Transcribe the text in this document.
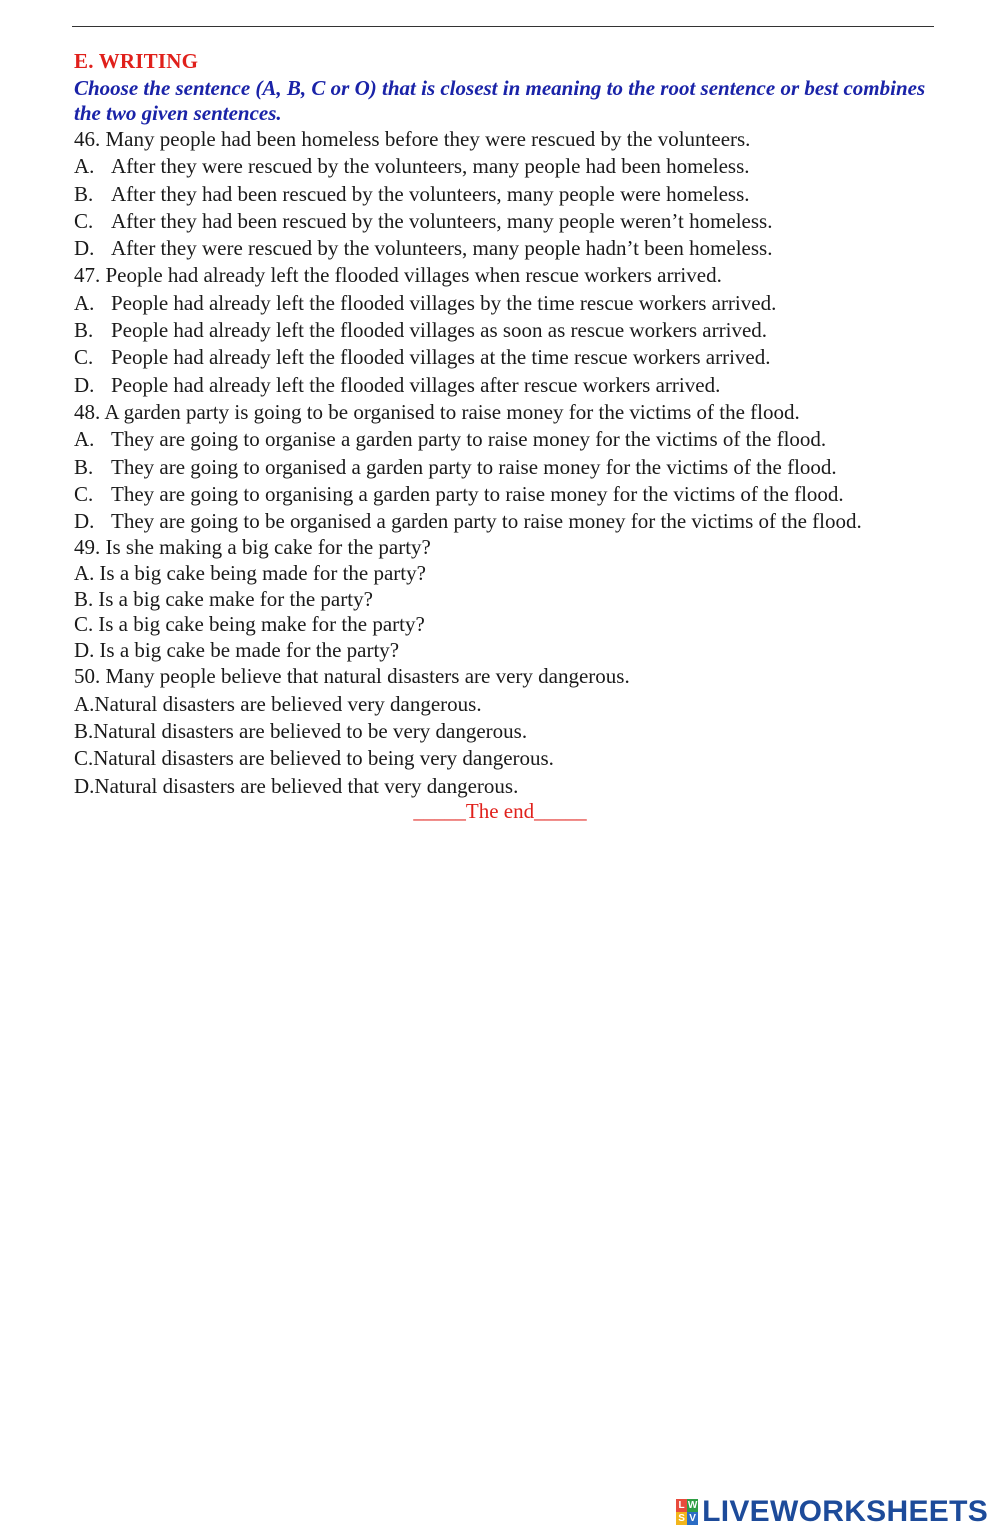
E. WRITING
Choose the sentence (A, B, C or O) that is closest in meaning to the root sentence or best combines the two given sentences.
46. Many people had been homeless before they were rescued by the volunteers.
A. After they were rescued by the volunteers, many people had been homeless.
B. After they had been rescued by the volunteers, many people were homeless.
C. After they had been rescued by the volunteers, many people weren’t homeless.
D. After they were rescued by the volunteers, many people hadn’t been homeless.
47. People had already left the flooded villages when rescue workers arrived.
A. People had already left the flooded villages by the time rescue workers arrived.
B. People had already left the flooded villages as soon as rescue workers arrived.
C. People had already left the flooded villages at the time rescue workers arrived.
D. People had already left the flooded villages after rescue workers arrived.
48. A garden party is going to be organised to raise money for the victims of the flood.
A. They are going to organise a garden party to raise money for the victims of the flood.
B. They are going to organised a garden party to raise money for the victims of the flood.
C. They are going to organising a garden party to raise money for the victims of the flood.
D. They are going to be organised a garden party to raise money for the victims of the flood.
49. Is she making a big cake for the party?
A. Is a big cake being made for the party?
B. Is a big cake make for the party?
C. Is a big cake being make for the party?
D. Is a big cake be made for the party?
50. Many people believe that natural disasters are very dangerous.
A.Natural disasters are believed very dangerous.
B.Natural disasters are believed to be very dangerous.
C.Natural disasters are believed to being very dangerous.
D.Natural disasters are believed that very dangerous.
_____The end_____
L W
S V LIVEWORKSHEETS
